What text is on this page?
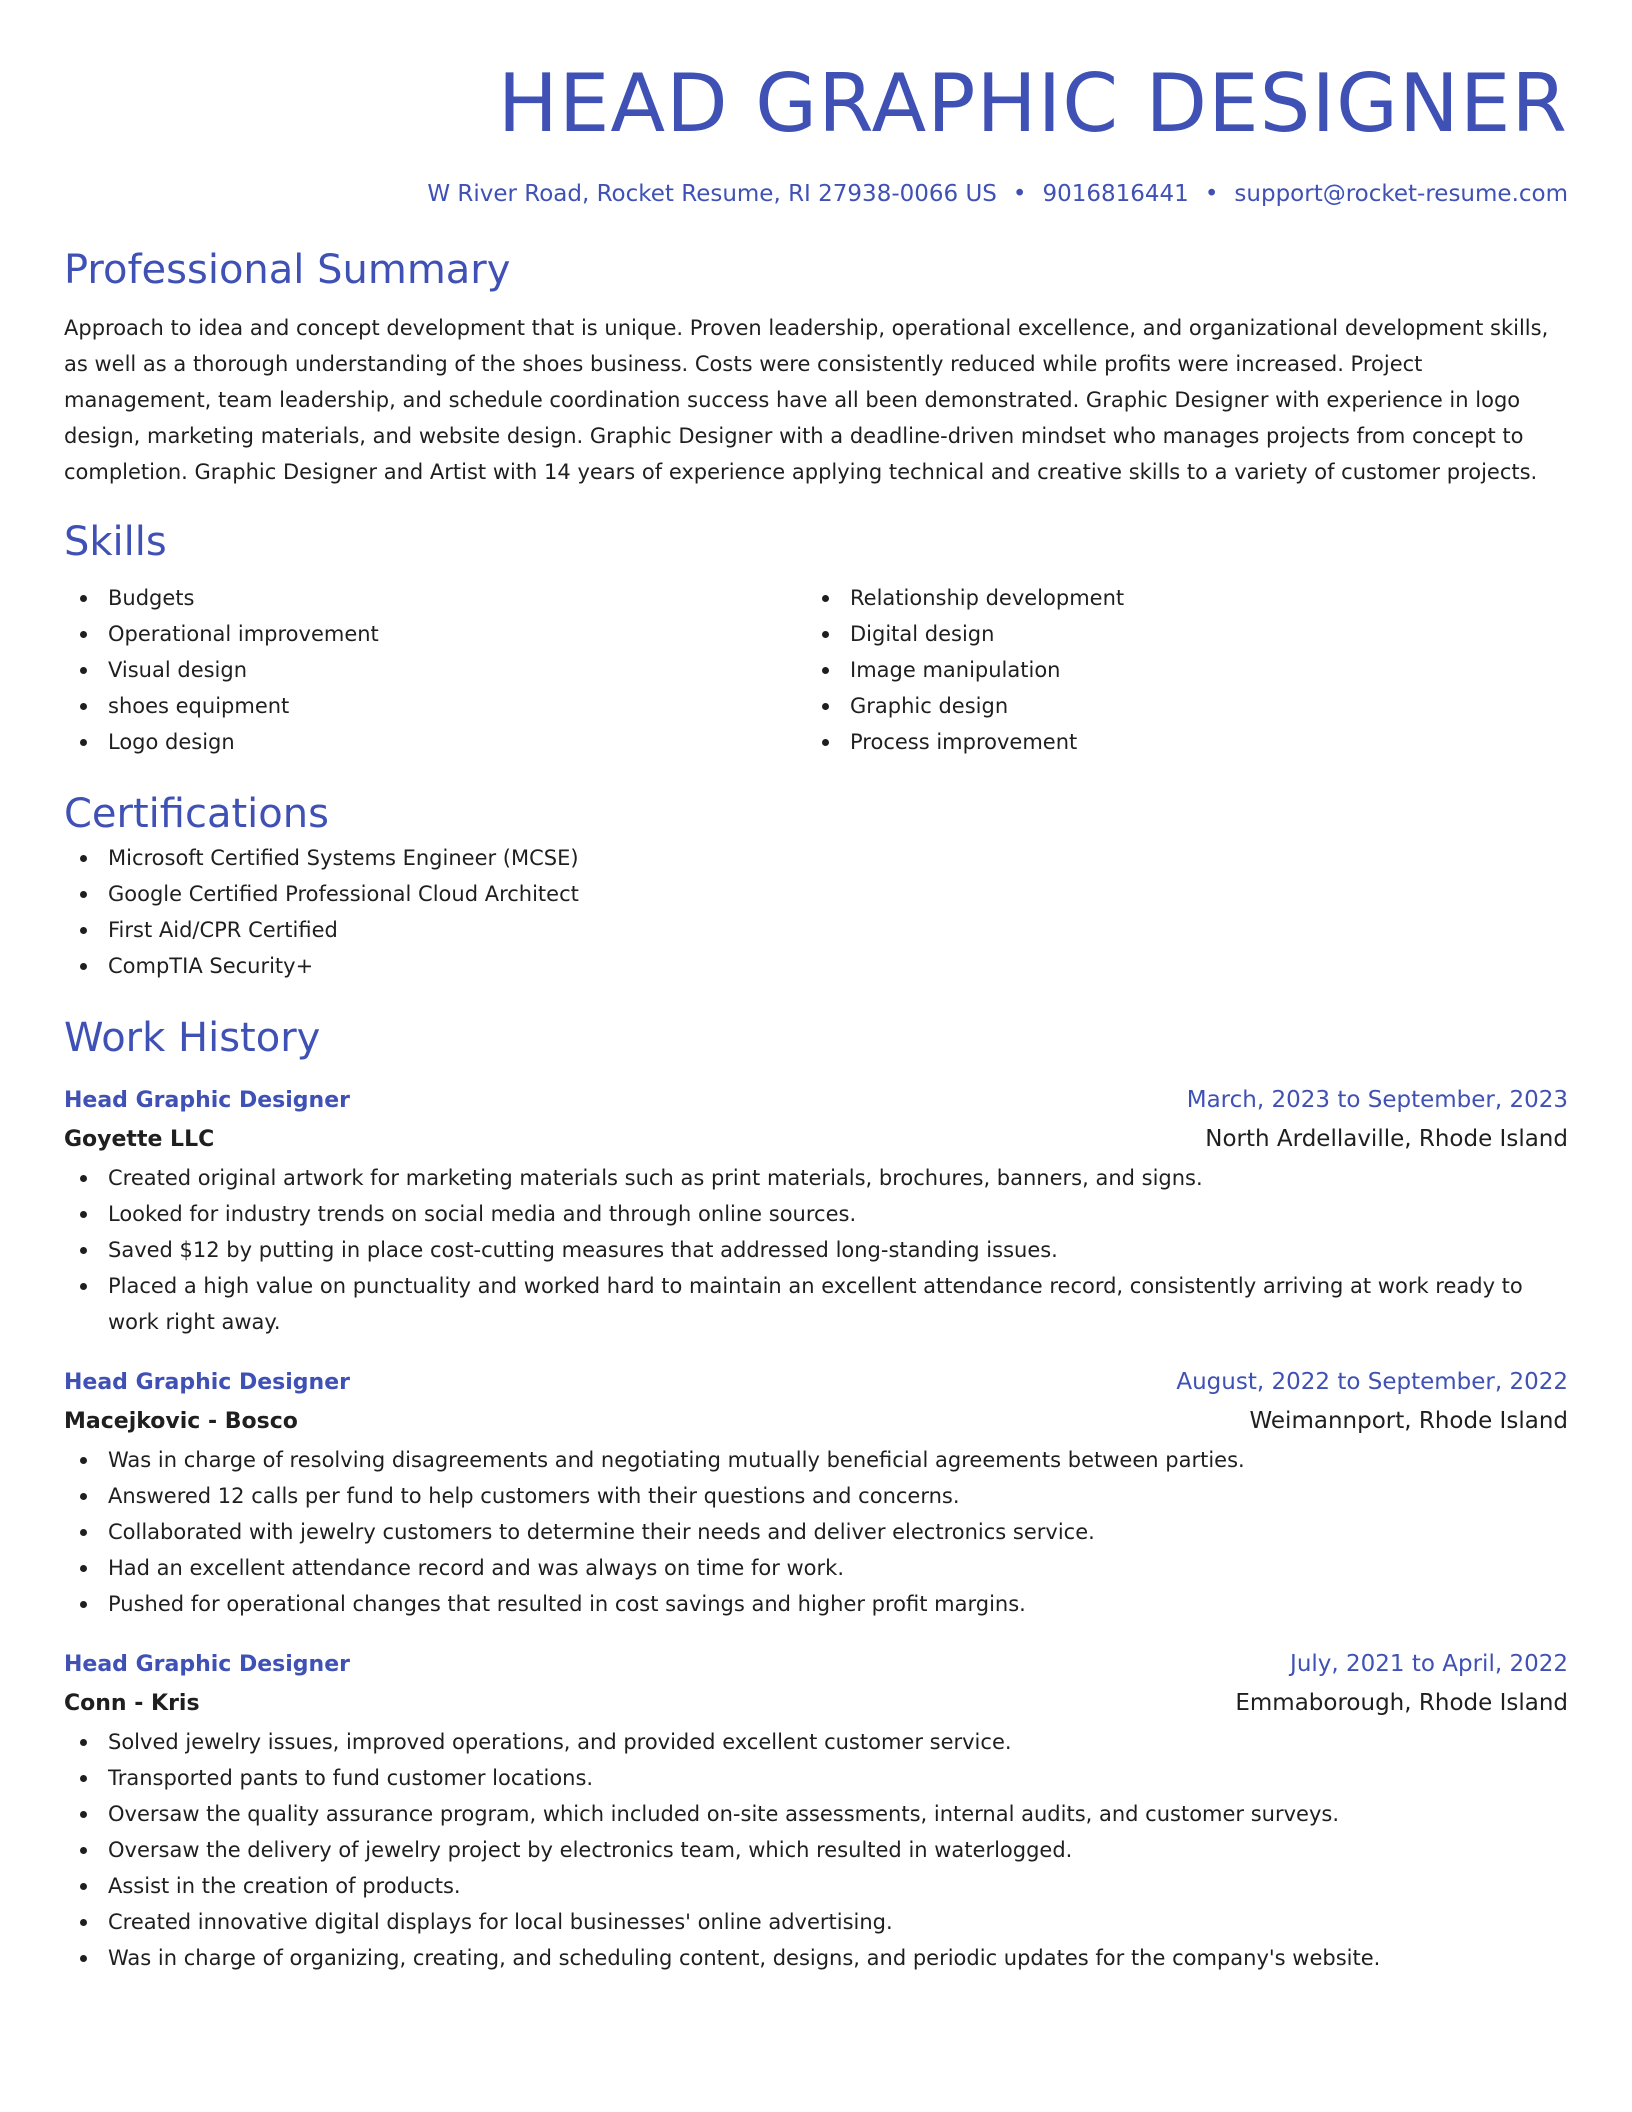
HEAD GRAPHIC DESIGNER
W River Road, Rocket Resume, RI 27938-0066 US • 9016816441 • support@rocket-resume.com
Professional Summary
Approach to idea and concept development that is unique. Proven leadership, operational excellence, and organizational development skills, as well as a thorough understanding of the shoes business. Costs were consistently reduced while profits were increased. Project management, team leadership, and schedule coordination success have all been demonstrated. Graphic Designer with experience in logo design, marketing materials, and website design. Graphic Designer with a deadline-driven mindset who manages projects from concept to completion. Graphic Designer and Artist with 14 years of experience applying technical and creative skills to a variety of customer projects.
Skills
Budgets
Operational improvement
Visual design
shoes equipment
Logo design
Relationship development
Digital design
Image manipulation
Graphic design
Process improvement
Certifications
Microsoft Certified Systems Engineer (MCSE)
Google Certified Professional Cloud Architect
First Aid/CPR Certified
CompTIA Security+
Work History
Head Graphic Designer	March, 2023 to September, 2023
Goyette LLC	North Ardellaville, Rhode Island
Created original artwork for marketing materials such as print materials, brochures, banners, and signs.
Looked for industry trends on social media and through online sources.
Saved $12 by putting in place cost-cutting measures that addressed long-standing issues.
Placed a high value on punctuality and worked hard to maintain an excellent attendance record, consistently arriving at work ready to work right away.
Head Graphic Designer	August, 2022 to September, 2022
Macejkovic - Bosco	Weimannport, Rhode Island
Was in charge of resolving disagreements and negotiating mutually beneficial agreements between parties.
Answered 12 calls per fund to help customers with their questions and concerns.
Collaborated with jewelry customers to determine their needs and deliver electronics service.
Had an excellent attendance record and was always on time for work.
Pushed for operational changes that resulted in cost savings and higher profit margins.
Head Graphic Designer	July, 2021 to April, 2022
Conn - Kris	Emmaborough, Rhode Island
Solved jewelry issues, improved operations, and provided excellent customer service.
Transported pants to fund customer locations.
Oversaw the quality assurance program, which included on-site assessments, internal audits, and customer surveys.
Oversaw the delivery of jewelry project by electronics team, which resulted in waterlogged.
Assist in the creation of products.
Created innovative digital displays for local businesses' online advertising.
Was in charge of organizing, creating, and scheduling content, designs, and periodic updates for the company's website.
